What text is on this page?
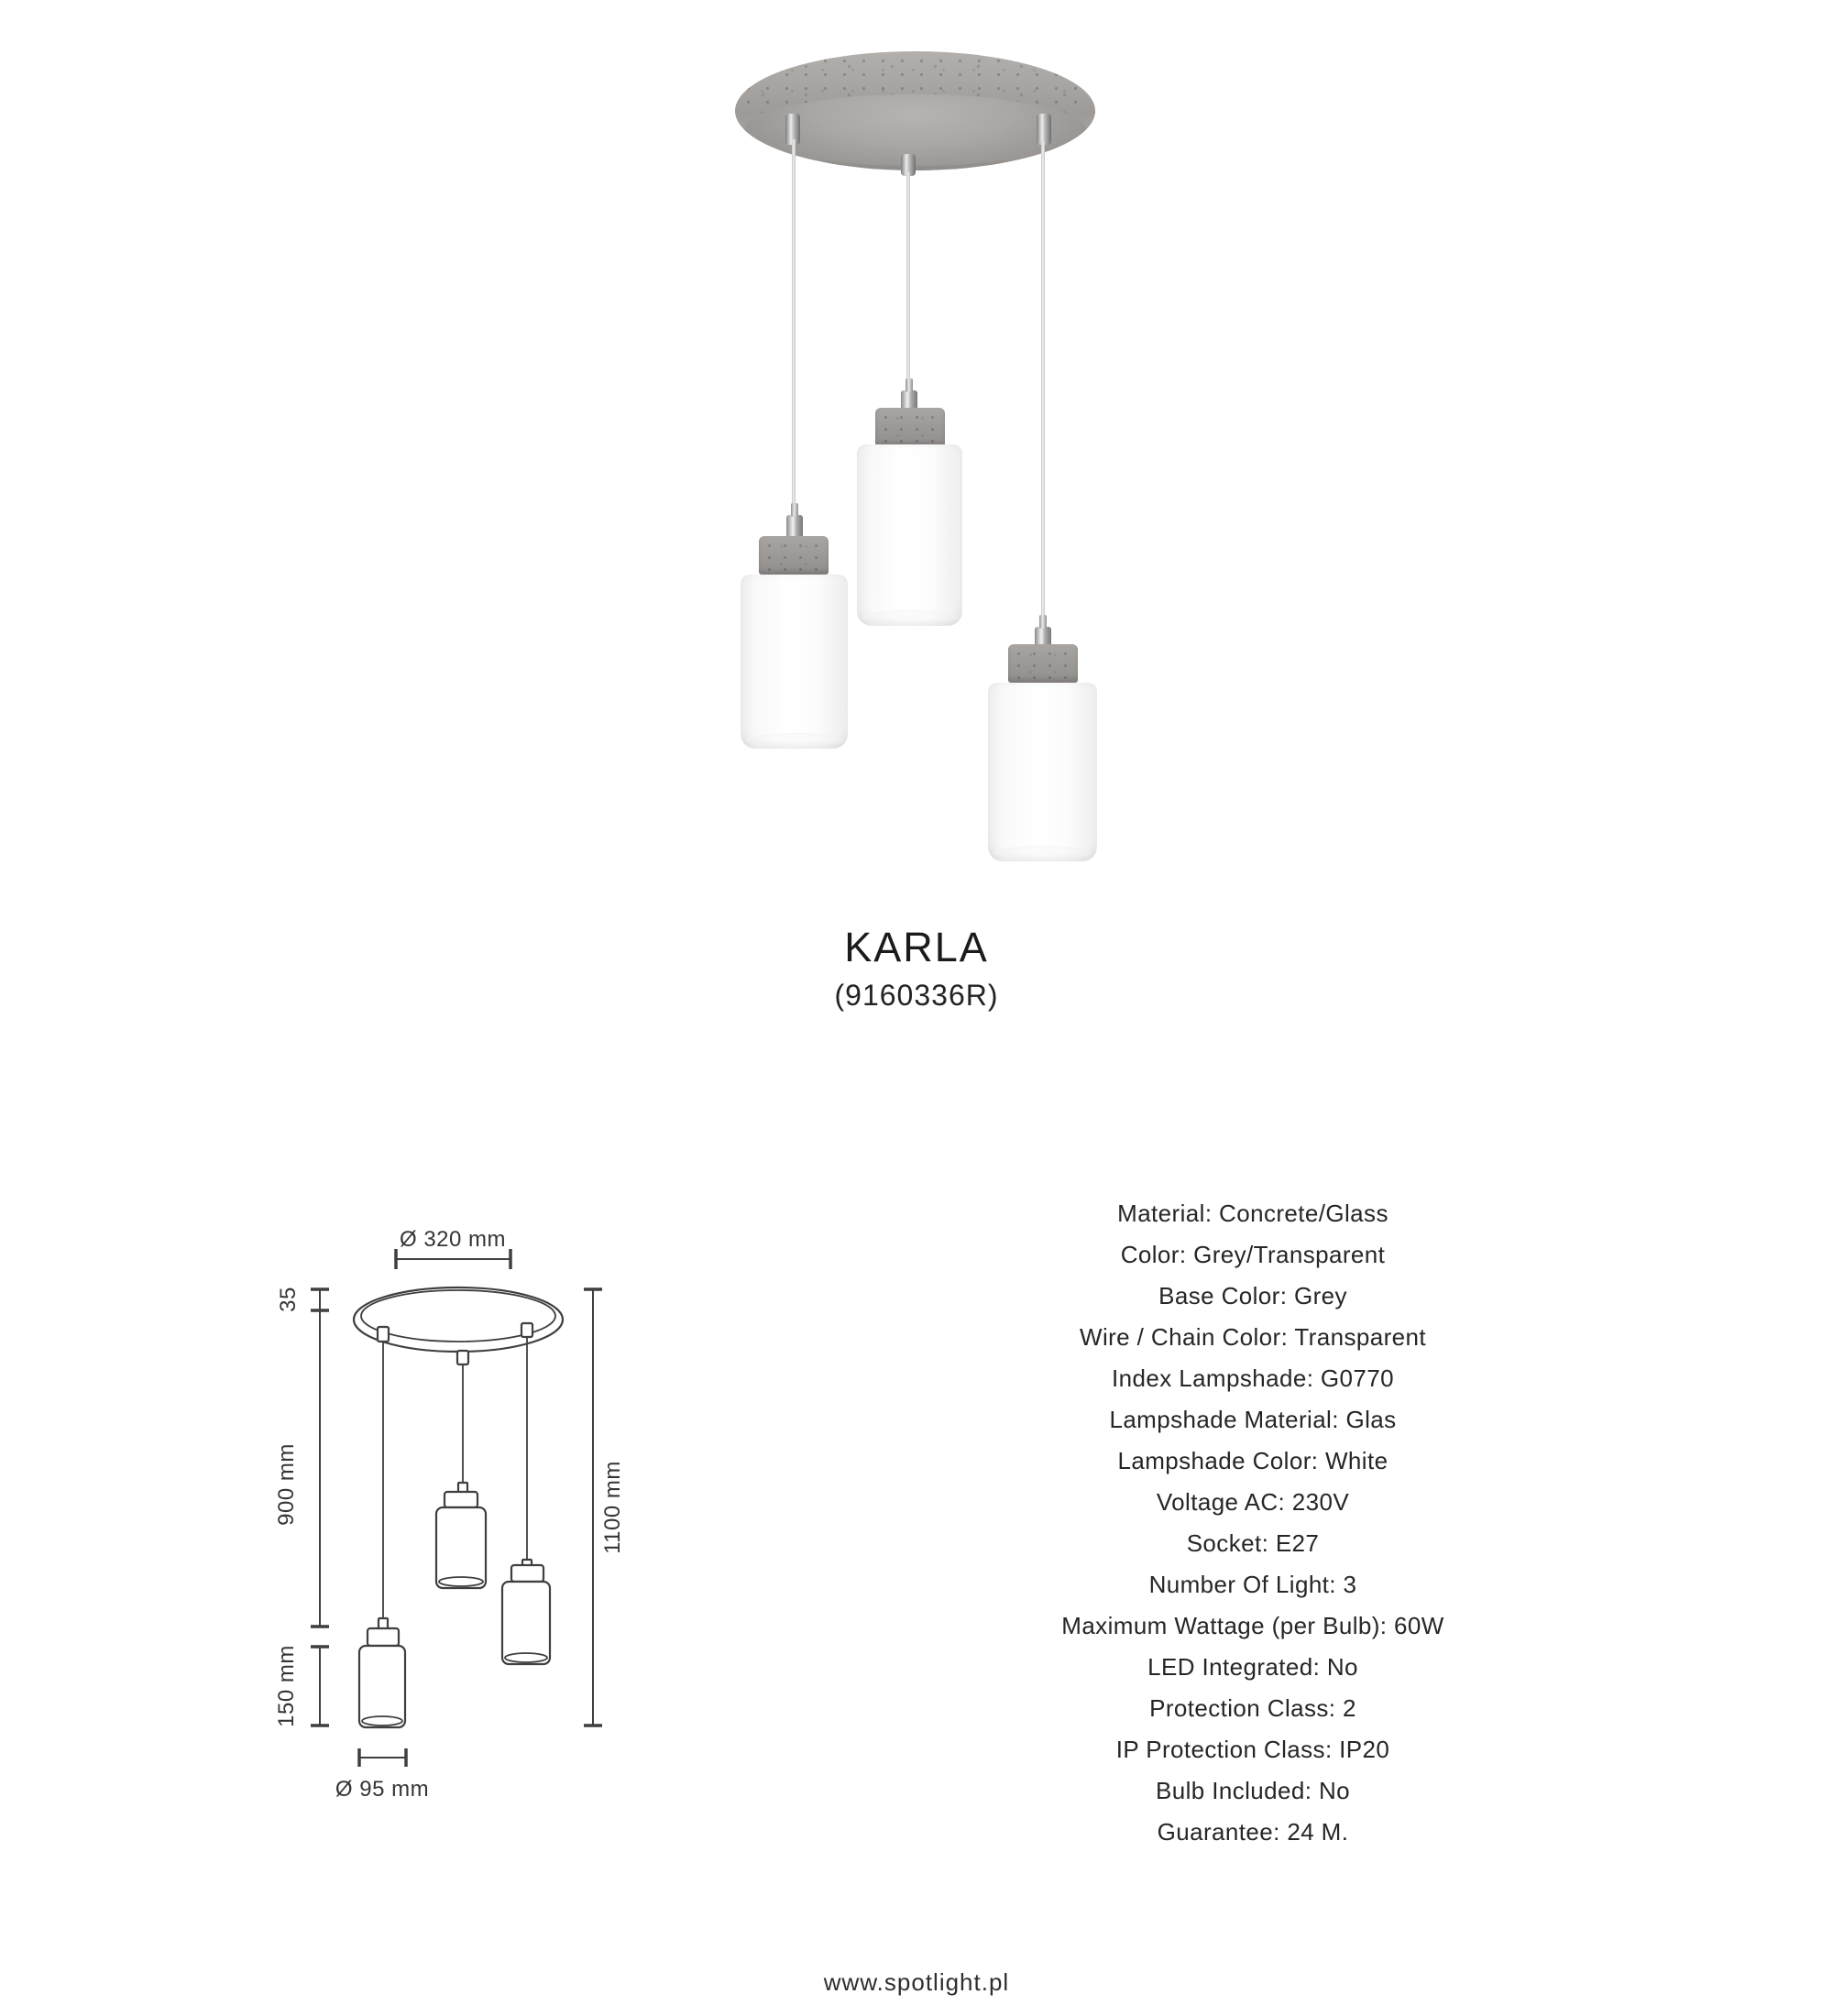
KARLA
(9160336R)
Ø 320 mm
35
900 mm
150 mm
1100 mm
Ø 95 mm
Material: Concrete/Glass
Color: Grey/Transparent
Base Color: Grey
Wire / Chain Color: Transparent
Index Lampshade: G0770
Lampshade Material: Glas
Lampshade Color: White
Voltage AC: 230V
Socket: E27
Number Of Light: 3
Maximum Wattage (per Bulb): 60W
LED Integrated: No
Protection Class: 2
IP Protection Class: IP20
Bulb Included: No
Guarantee: 24 M.
www.spotlight.pl
